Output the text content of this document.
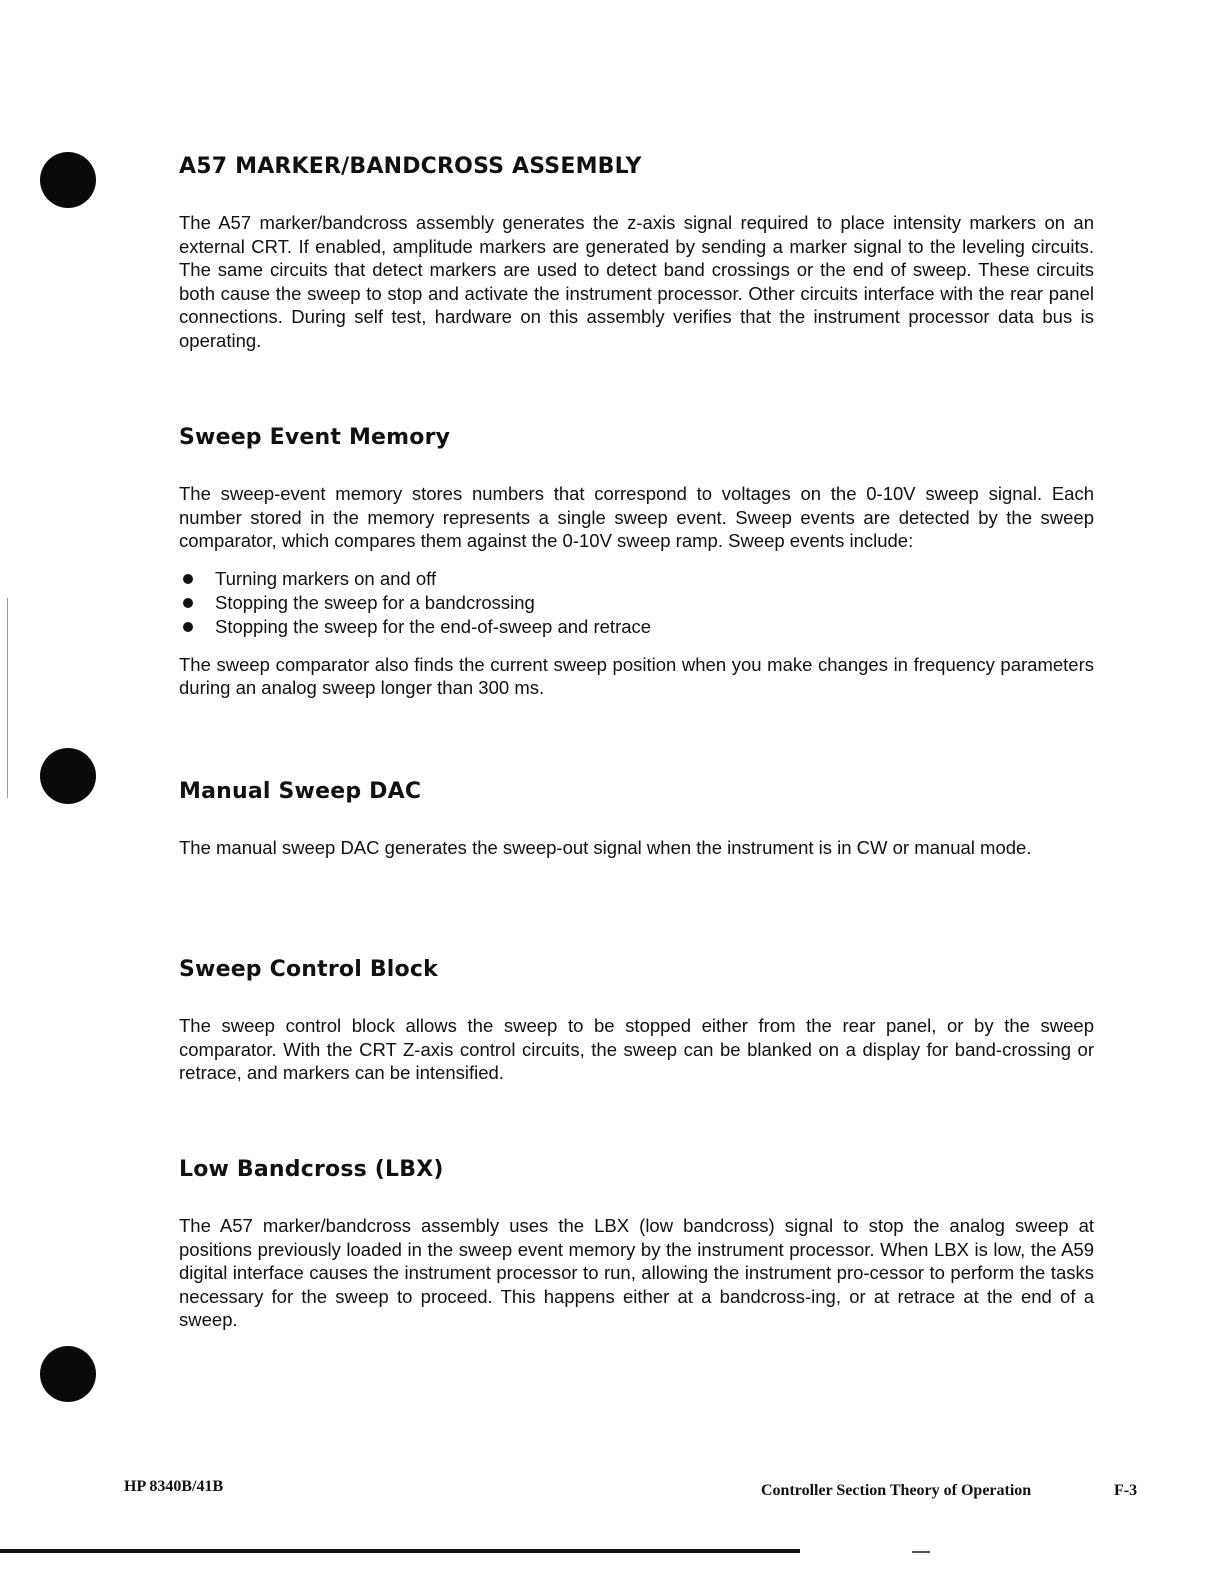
A57 MARKER/BANDCROSS ASSEMBLY

The A57 marker/bandcross assembly generates the z-axis signal required to place intensity markers on an external CRT. If enabled, amplitude markers are generated by sending a marker signal to the leveling circuits. The same circuits that detect markers are used to detect band crossings or the end of sweep. These circuits both cause the sweep to stop and activate the instrument processor. Other circuits interface with the rear panel connections. During self test, hardware on this assembly verifies that the instrument processor data bus is operating.

Sweep Event Memory

The sweep-event memory stores numbers that correspond to voltages on the 0-10V sweep signal. Each number stored in the memory represents a single sweep event. Sweep events are detected by the sweep comparator, which compares them against the 0-10V sweep ramp. Sweep events include:

Turning markers on and off
Stopping the sweep for a bandcrossing
Stopping the sweep for the end-of-sweep and retrace

The sweep comparator also finds the current sweep position when you make changes in frequency parameters during an analog sweep longer than 300 ms.

Manual Sweep DAC

The manual sweep DAC generates the sweep-out signal when the instrument is in CW or manual mode.

Sweep Control Block

The sweep control block allows the sweep to be stopped either from the rear panel, or by the sweep comparator. With the CRT Z-axis control circuits, the sweep can be blanked on a display for band-crossing or retrace, and markers can be intensified.

Low Bandcross (LBX)

The A57 marker/bandcross assembly uses the LBX (low bandcross) signal to stop the analog sweep at positions previously loaded in the sweep event memory by the instrument processor. When LBX is low, the A59 digital interface causes the instrument processor to run, allowing the instrument pro-cessor to perform the tasks necessary for the sweep to proceed. This happens either at a bandcross-ing, or at retrace at the end of a sweep.

HP 8340B/41B	Controller Section Theory of Operation	F-3
